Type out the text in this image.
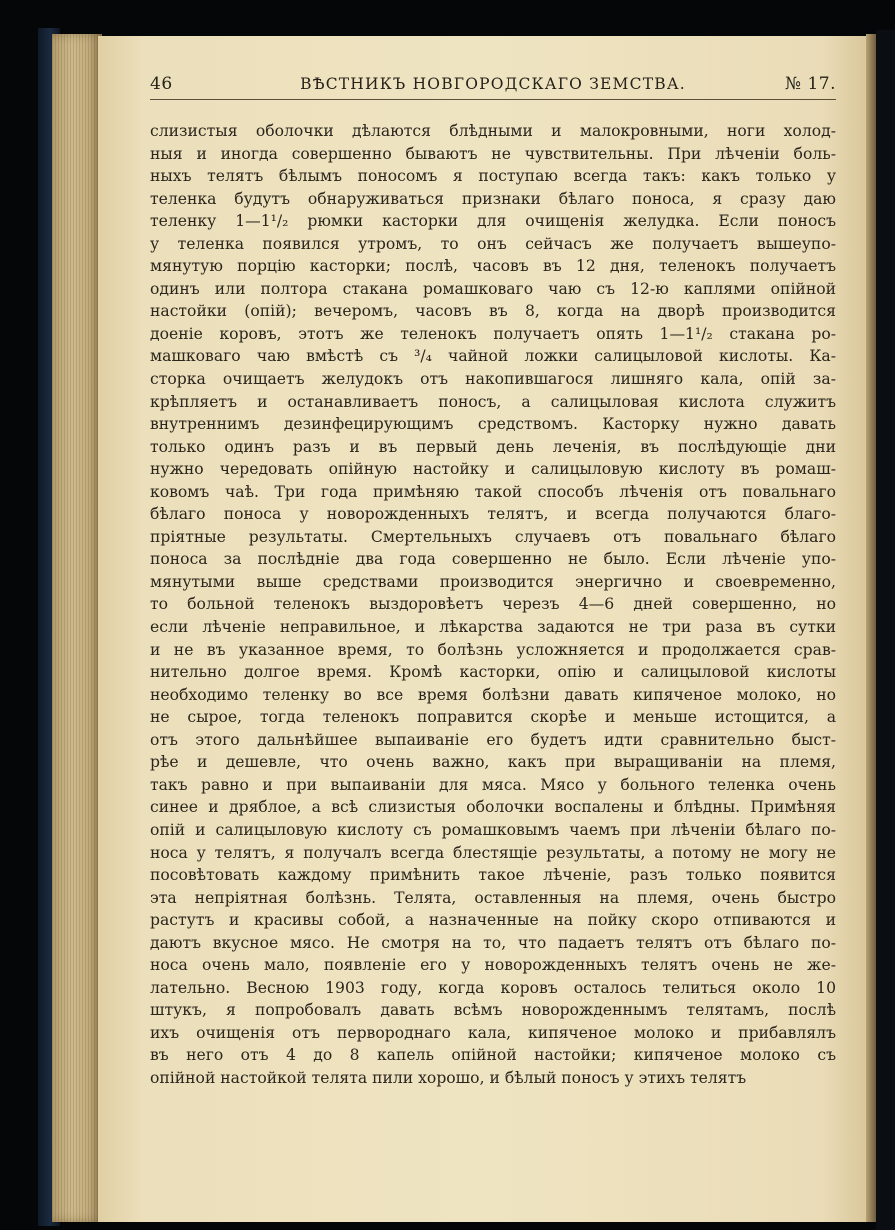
46	ВѢСТНИКЪ НОВГОРОДСКАГО ЗЕМСТВА.	№ 17.
слизистыя оболочки дѣлаются блѣдными и малокровными, ноги холод-
ныя и иногда совершенно бываютъ не чувствительны. При лѣченіи боль-
ныхъ телятъ бѣлымъ поносомъ я поступаю всегда такъ: какъ только у
теленка будутъ обнаруживаться признаки бѣлаго поноса, я сразу даю
теленку 1—1¹/₂ рюмки касторки для очищенія желудка. Если поносъ
у теленка появился утромъ, то онъ сейчасъ же получаетъ вышеупо-
мянутую порцію касторки; послѣ, часовъ въ 12 дня, теленокъ получаетъ
одинъ или полтора стакана ромашковаго чаю съ 12-ю каплями опійной
настойки (опій); вечеромъ, часовъ въ 8, когда на дворѣ производится
доеніе коровъ, этотъ же теленокъ получаетъ опять 1—1¹/₂ стакана ро-
машковаго чаю вмѣстѣ съ ³/₄ чайной ложки салицыловой кислоты. Ка-
сторка очищаетъ желудокъ отъ накопившагося лишняго кала, опій за-
крѣпляетъ и останавливаетъ поносъ, а салицыловая кислота служитъ
внутреннимъ дезинфецирующимъ средствомъ. Касторку нужно давать
только одинъ разъ и въ первый день леченія, въ послѣдующіе дни
нужно чередовать опійную настойку и салицыловую кислоту въ ромаш-
ковомъ чаѣ. Три года примѣняю такой способъ лѣченія отъ повальнаго
бѣлаго поноса у новорожденныхъ телятъ, и всегда получаются благо-
пріятные результаты. Смертельныхъ случаевъ отъ повальнаго бѣлаго
поноса за послѣдніе два года совершенно не было. Если лѣченіе упо-
мянутыми выше средствами производится энергично и своевременно,
то больной теленокъ выздоровѣетъ черезъ 4—6 дней совершенно, но
если лѣченіе неправильное, и лѣкарства задаются не три раза въ сутки
и не въ указанное время, то болѣзнь усложняется и продолжается срав-
нительно долгое время. Кромѣ касторки, опію и салицыловой кислоты
необходимо теленку во все время болѣзни давать кипяченое молоко, но
не сырое, тогда теленокъ поправится скорѣе и меньше истощится, а
отъ этого дальнѣйшее выпаиваніе его будетъ идти сравнительно быст-
рѣе и дешевле, что очень важно, какъ при выращиваніи на племя,
такъ равно и при выпаиваніи для мяса. Мясо у больного теленка очень
синее и дряблое, а всѣ слизистыя оболочки воспалены и блѣдны. Примѣняя
опій и салицыловую кислоту съ ромашковымъ чаемъ при лѣченіи бѣлаго по-
носа у телятъ, я получалъ всегда блестящіе результаты, а потому не могу не
посовѣтовать каждому примѣнить такое лѣченіе, разъ только появится
эта непріятная болѣзнь. Телята, оставленныя на племя, очень быстро
растутъ и красивы собой, а назначенные на пойку скоро отпиваются и
даютъ вкусное мясо. Не смотря на то, что падаетъ телятъ отъ бѣлаго по-
носа очень мало, появленіе его у новорожденныхъ телятъ очень не же-
лательно. Весною 1903 году, когда коровъ осталось телиться около 10
штукъ, я попробовалъ давать всѣмъ новорожденнымъ телятамъ, послѣ
ихъ очищенія отъ первороднаго кала, кипяченое молоко и прибавлялъ
въ него отъ 4 до 8 капель опійной настойки; кипяченое молоко съ
опійной настойкой телята пили хорошо, и бѣлый поносъ у этихъ телятъ
